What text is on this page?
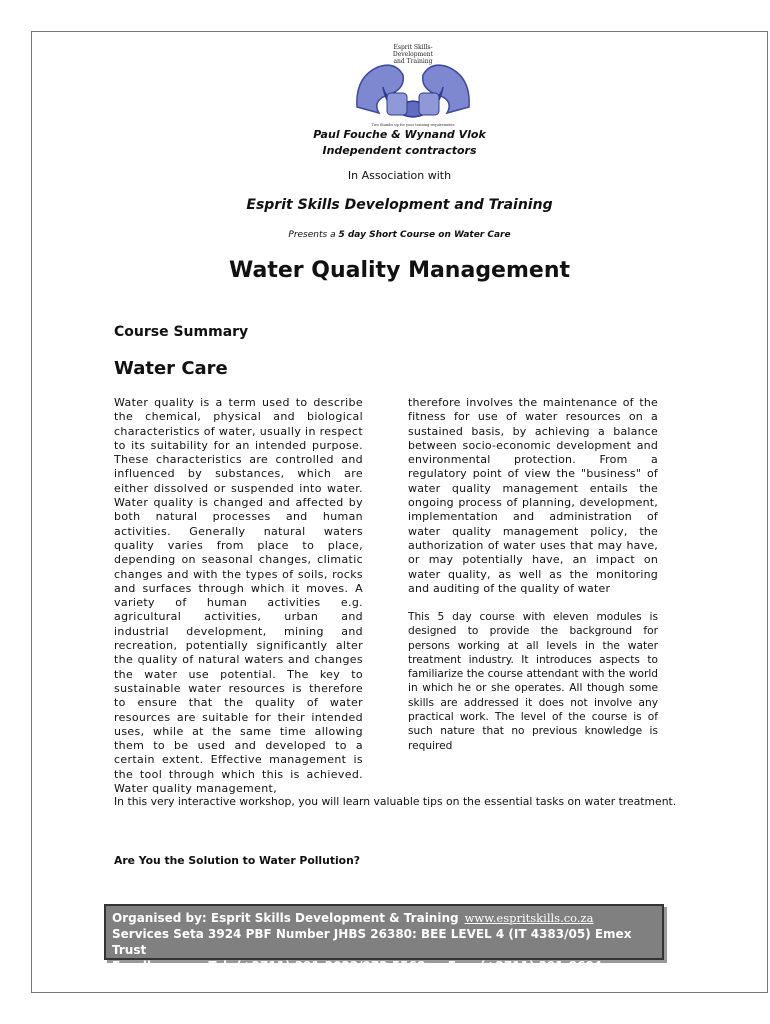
Esprit Skills-
Development
and Training
Two thumbs up for your training requirements
Paul Fouche & Wynand Vlok
Independent contractors
In Association with
Esprit Skills Development and Training
Presents a 5 day Short Course on Water Care
Water Quality Management
Course Summary
Water Care
Water quality is a term used to describe the chemical, physical and biological characteristics of water, usually in respect to its suitability for an intended purpose. These characteristics are controlled and influenced by substances, which are either dissolved or suspended into water. Water quality is changed and affected by both natural processes and human activities. Generally natural waters quality varies from place to place, depending on seasonal changes, climatic changes and with the types of soils, rocks and surfaces through which it moves. A variety of human activities e.g. agricultural activities, urban and industrial development, mining and recreation, potentially significantly alter the quality of natural waters and changes the water use potential. The key to sustainable water resources is therefore to ensure that the quality of water resources are suitable for their intended uses, while at the same time allowing them to be used and developed to a certain extent. Effective management is the tool through which this is achieved. Water quality management,
therefore involves the maintenance of the fitness for use of water resources on a sustained basis, by achieving a balance between socio-economic development and environmental protection. From a regulatory point of view the "business" of water quality management entails the ongoing process of planning, development, implementation and administration of water quality management policy, the authorization of water uses that may have, or may potentially have, an impact on water quality, as well as the monitoring and auditing of the quality of water
This 5 day course with eleven modules is designed to provide the background for persons working at all levels in the water treatment industry. It introduces aspects to familiarize the course attendant with the world in which he or she operates. All though some skills are addressed it does not involve any practical work. The level of the course is of such nature that no previous knowledge is required
In this very interactive workshop, you will learn valuable tips on the essential tasks on water treatment.
Are You the Solution to Water Pollution?
Organised by: Esprit Skills Development & Training www.espritskills.co.za
Services Seta 3924 PBF Number JHBS 26380: BEE LEVEL 4 (IT 4383/05) Emex Trust
Enroll now on Tel: (+2711) 391-2022/972 5568 or Fax: (+2711) 391-8604
